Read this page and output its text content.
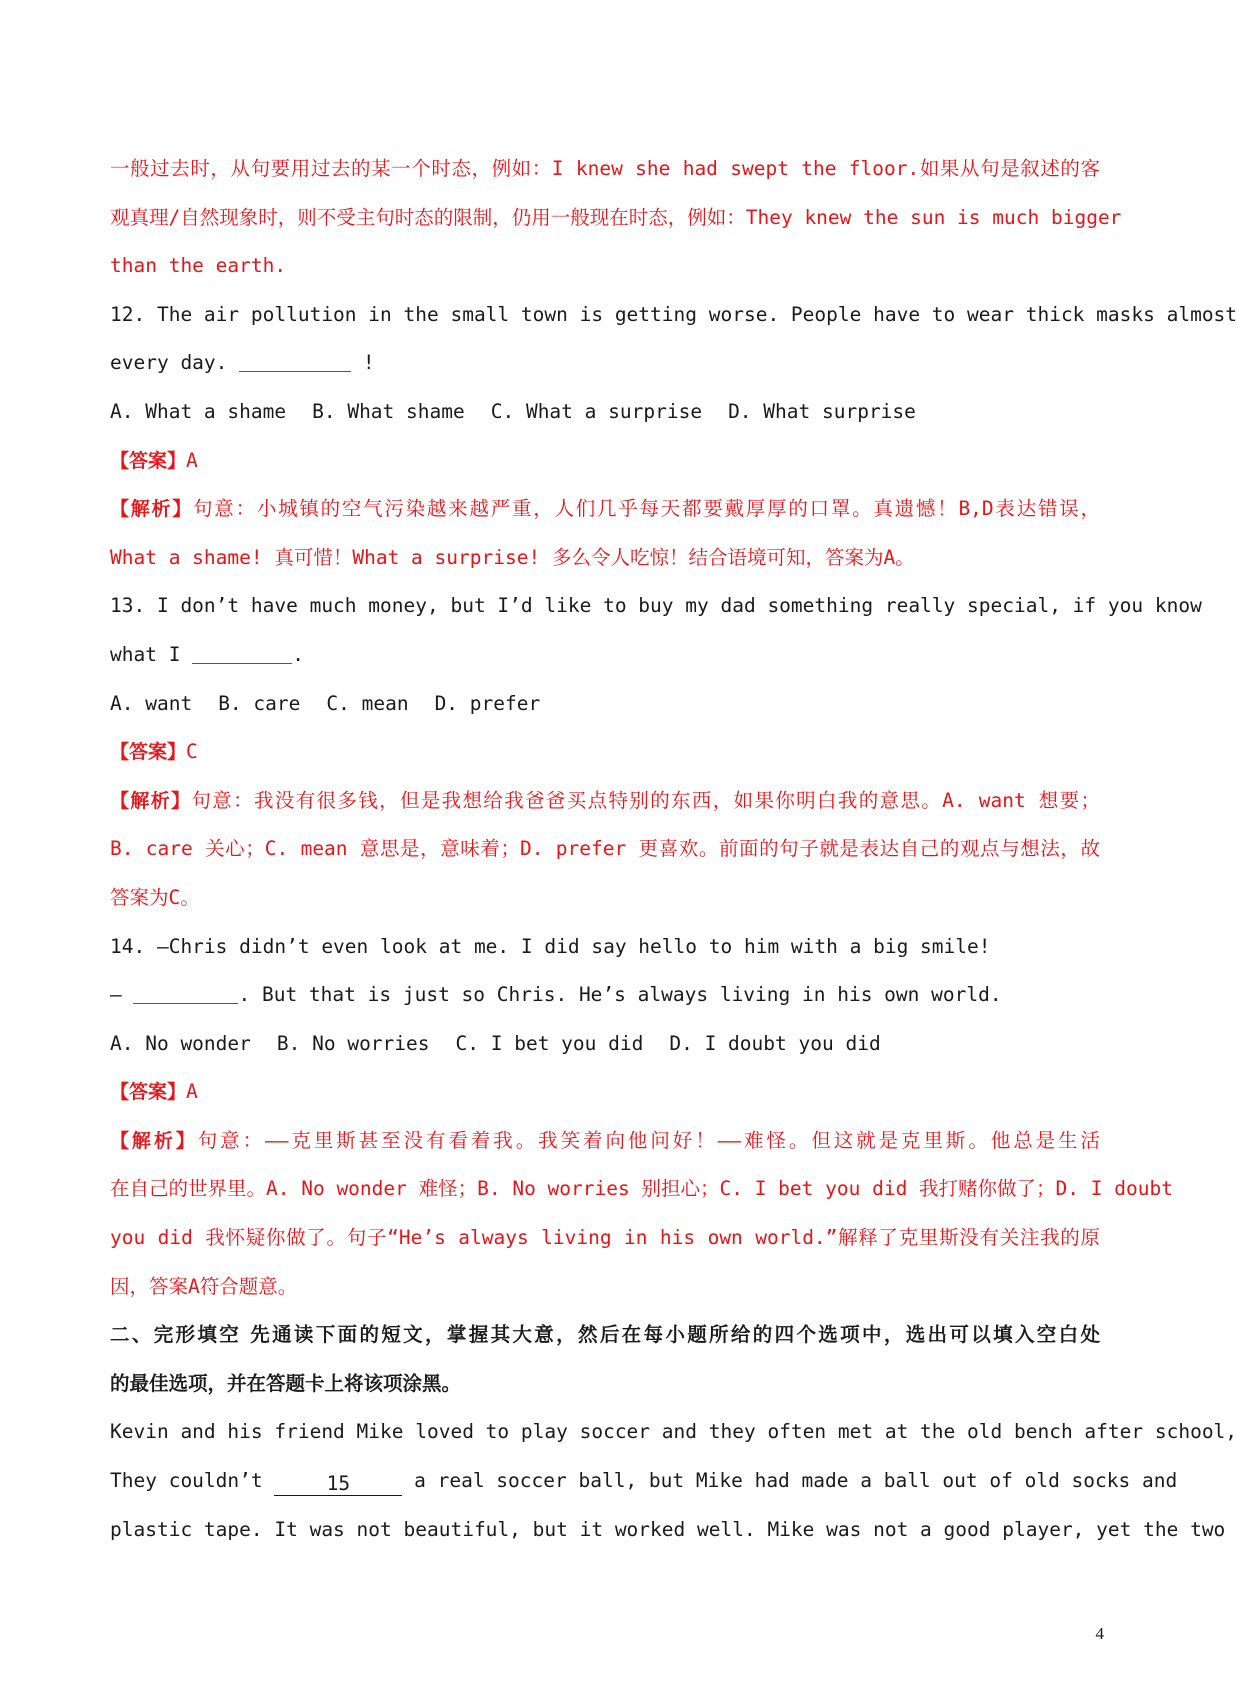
一般过去时，从句要用过去的某一个时态，例如：I knew she had swept the floor.如果从句是叙述的客
观真理/自然现象时，则不受主句时态的限制，仍用一般现在时态，例如：They knew the sun is much bigger
than the earth.
12. The air pollution in the small town is getting worse. People have to wear thick masks almost
every day.	!
A. What a shame B. What shame C. What a surprise D. What surprise
【答案】A
【解析】句意：小城镇的空气污染越来越严重，人们几乎每天都要戴厚厚的口罩。真遗憾！B,D表达错误，
What a shame! 真可惜！What a surprise! 多么令人吃惊！结合语境可知，答案为A。
13. I don’t have much money, but I’d like to buy my dad something really special, if you know
what I	.
A. want B. care C. mean D. prefer
【答案】C
【解析】句意：我没有很多钱，但是我想给我爸爸买点特别的东西，如果你明白我的意思。A. want 想要；
B. care 关心；C. mean 意思是，意味着；D. prefer 更喜欢。前面的句子就是表达自己的观点与想法，故
答案为C。
14. —Chris didn’t even look at me. I did say hello to him with a big smile!
—	. But that is just so Chris. He’s always living in his own world.
A. No wonder B. No worries C. I bet you did D. I doubt you did
【答案】A
【解析】句意：——克里斯甚至没有看着我。我笑着向他问好！——难怪。但这就是克里斯。他总是生活
在自己的世界里。A. No wonder 难怪；B. No worries 别担心；C. I bet you did 我打赌你做了；D. I doubt
you did 我怀疑你做了。句子“He’s always living in his own world.”解释了克里斯没有关注我的原
因，答案A符合题意。
二、完形填空 先通读下面的短文，掌握其大意，然后在每小题所给的四个选项中，选出可以填入空白处
的最佳选项，并在答题卡上将该项涂黑。
Kevin and his friend Mike loved to play soccer and they often met at the old bench after school,
They couldn’t	15	a real soccer ball, but Mike had made a ball out of old socks and
plastic tape. It was not beautiful, but it worked well. Mike was not a good player, yet the two
4
